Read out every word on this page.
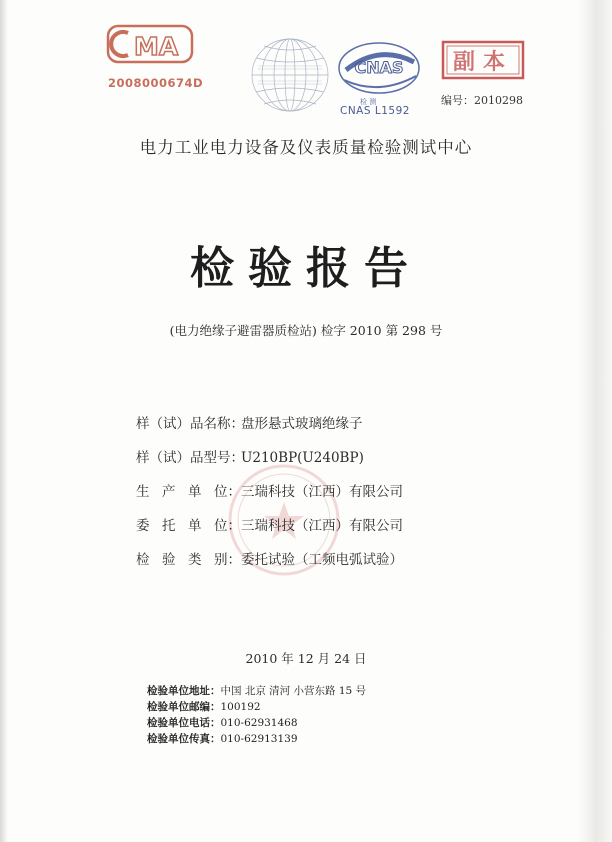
MA
2008000674D
CNAS
检 测
CNAS L1592
副本
编号：2010298
电力工业电力设备及仪表质量检验测试中心
检验报告
(电力绝缘子避雷器质检站) 检字 2010 第 298 号
样（试）品名称：
盘形悬式玻璃绝缘子
样（试）品型号：
U210BP(U240BP)
生 产 单 位： 三瑞科技（江西）有限公司
委 托 单 位： 三瑞科技（江西）有限公司
检 验 类 别： 委托试验（工频电弧试验）
2010 年 12 月 24 日
检验单位地址：中国 北京 清河 小营东路 15 号
检验单位邮编：100192
检验单位电话：010-62931468
检验单位传真：010-62913139
